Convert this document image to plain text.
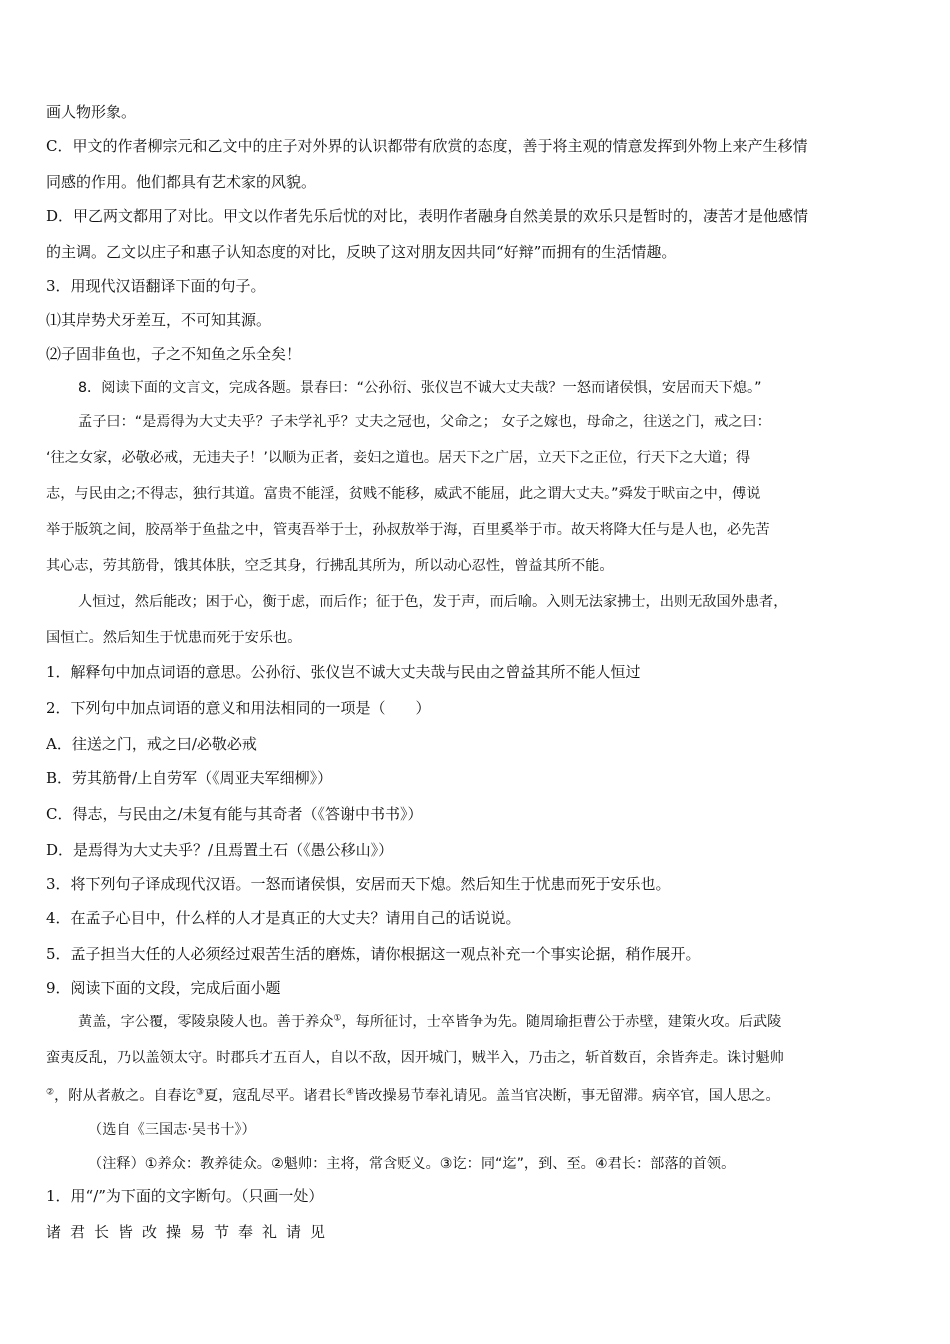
画人物形象。
C．甲文的作者柳宗元和乙文中的庄子对外界的认识都带有欣赏的态度，善于将主观的情意发挥到外物上来产生移情
同感的作用。他们都具有艺术家的风貌。
D．甲乙两文都用了对比。甲文以作者先乐后忧的对比，表明作者融身自然美景的欢乐只是暂时的，凄苦才是他感情
的主调。乙文以庄子和惠子认知态度的对比，反映了这对朋友因共同“好辩”而拥有的生活情趣。
3．用现代汉语翻译下面的句子。
⑴其岸势犬牙差互，不可知其源。
⑵子固非鱼也，子之不知鱼之乐全矣！
8．阅读下面的文言文，完成各题。景春曰：“公孙衍、张仪岂不诚大丈夫哉？一怒而诸侯惧，安居而天下熄。”
孟子曰：“是焉得为大丈夫乎？子未学礼乎？丈夫之冠也，父命之； 女子之嫁也，母命之，往送之门，戒之曰：
‘往之女家，必敬必戒，无违夫子！’以顺为正者，妾妇之道也。居天下之广居，立天下之正位，行天下之大道；得
志，与民由之;不得志，独行其道。富贵不能淫，贫贱不能移，威武不能屈，此之谓大丈夫。”舜发于畎亩之中，傅说
举于版筑之间，胶鬲举于鱼盐之中，管夷吾举于士，孙叔敖举于海，百里奚举于市。故天将降大任与是人也，必先苦
其心志，劳其筋骨，饿其体肤，空乏其身，行拂乱其所为，所以动心忍性，曾益其所不能。
人恒过，然后能改；困于心，衡于虑，而后作；征于色，发于声，而后喻。入则无法家拂士，出则无敌国外患者，
国恒亡。然后知生于忧患而死于安乐也。
1．解释句中加点词语的意思。公孙衍、张仪岂不诚大丈夫哉与民由之曾益其所不能人恒过
2．下列句中加点词语的意义和用法相同的一项是（　　）
A．往送之门，戒之曰/必敬必戒
B．劳其筋骨/上自劳军（《周亚夫军细柳》）
C．得志，与民由之/未复有能与其奇者（《答谢中书书》）
D．是焉得为大丈夫乎？/且焉置土石（《愚公移山》）
3．将下列句子译成现代汉语。一怒而诸侯惧，安居而天下熄。然后知生于忧患而死于安乐也。
4．在孟子心目中，什么样的人才是真正的大丈夫？请用自己的话说说。
5．孟子担当大任的人必须经过艰苦生活的磨炼，请你根据这一观点补充一个事实论据，稍作展开。
9．阅读下面的文段，完成后面小题
黄盖，字公覆，零陵泉陵人也。善于养众①，每所征讨，士卒皆争为先。随周瑜拒曹公于赤壁，建策火攻。后武陵
蛮夷反乱，乃以盖领太守。时郡兵才五百人，自以不敌，因开城门，贼半入，乃击之，斩首数百，余皆奔走。诛讨魁帅
②，附从者赦之。自春讫③夏，寇乱尽平。诸君长④皆改操易节奉礼请见。盖当官决断，事无留滞。病卒官，国人思之。
（选自《三国志·吴书十》）
（注释）①养众：教养徒众。②魁帅：主将，常含贬义。③讫：同“迄”，到、至。④君长：部落的首领。
1．用“/”为下面的文字断句。（只画一处）
诸君长皆改操易节奉礼请见
